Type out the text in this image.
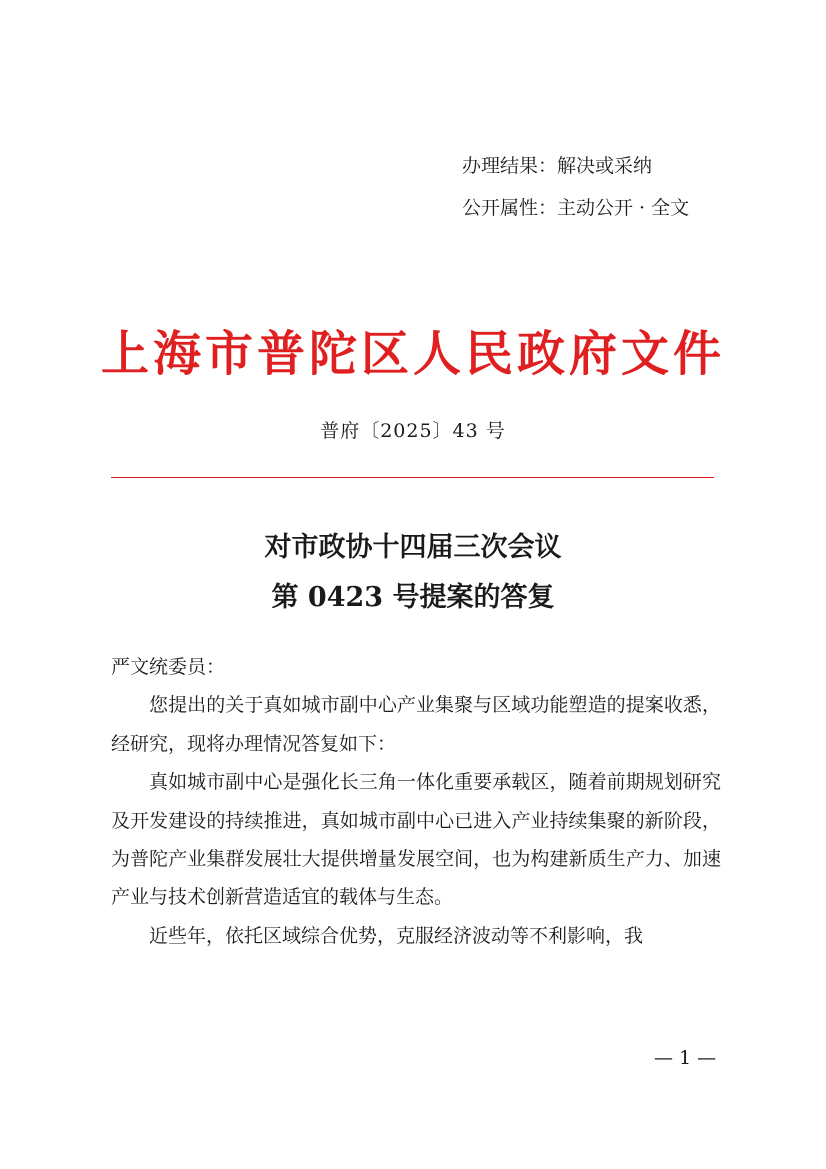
办理结果：解决或采纳
公开属性：主动公开 · 全文
上海市普陀区人民政府文件
普府〔2025〕43 号
对市政协十四届三次会议
第 0423 号提案的答复

严文统委员：

您提出的关于真如城市副中心产业集聚与区域功能塑造的提案收悉，经研究，现将办理情况答复如下：

真如城市副中心是强化长三角一体化重要承载区，随着前期规划研究及开发建设的持续推进，真如城市副中心已进入产业持续集聚的新阶段，为普陀产业集群发展壮大提供增量发展空间，也为构建新质生产力、加速产业与技术创新营造适宜的载体与生态。

近些年，依托区域综合优势，克服经济波动等不利影响，我

— 1 —
